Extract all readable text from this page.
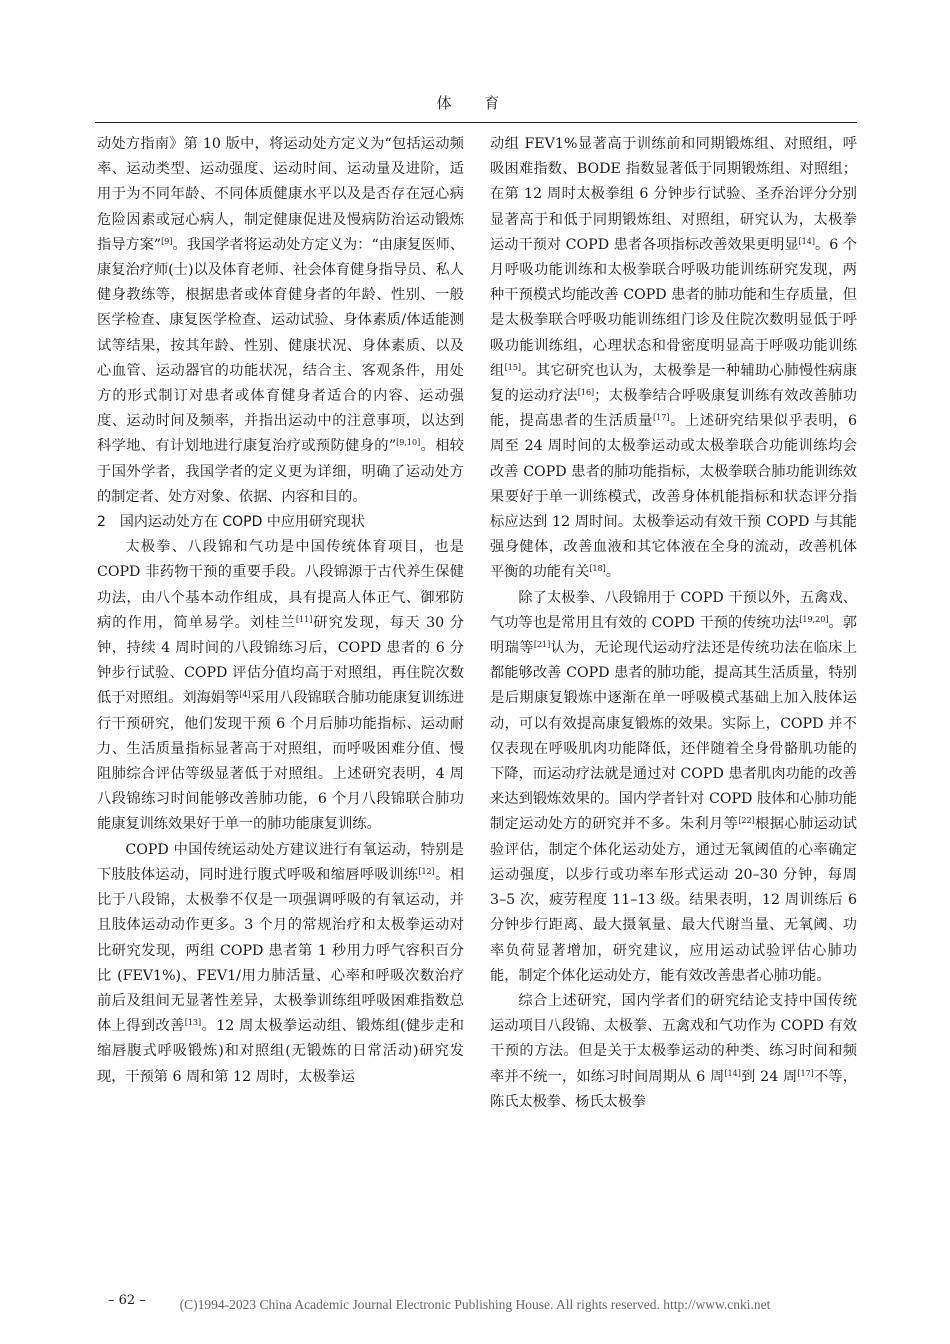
体 育

动处方指南》第 10 版中，将运动处方定义为“包括运动频率、运动类型、运动强度、运动时间、运动量及进阶，适用于为不同年龄、不同体质健康水平以及是否存在冠心病危险因素或冠心病人，制定健康促进及慢病防治运动锻炼指导方案”[9]。我国学者将运动处方定义为：“由康复医师、康复治疗师(士)以及体育老师、社会体育健身指导员、私人健身教练等，根据患者或体育健身者的年龄、性别、一般医学检查、康复医学检查、运动试验、身体素质/体适能测试等结果，按其年龄、性别、健康状况、身体素质、以及心血管、运动器官的功能状况，结合主、客观条件，用处方的形式制订对患者或体育健身者适合的内容、运动强度、运动时间及频率，并指出运动中的注意事项，以达到科学地、有计划地进行康复治疗或预防健身的”[9,10]。相较于国外学者，我国学者的定义更为详细，明确了运动处方的制定者、处方对象、依据、内容和目的。

2　国内运动处方在 COPD 中应用研究现状

太极拳、八段锦和气功是中国传统体育项目，也是 COPD 非药物干预的重要手段。八段锦源于古代养生保健功法，由八个基本动作组成，具有提高人体正气、御邪防病的作用，简单易学。刘桂兰[11]研究发现，每天 30 分钟，持续 4 周时间的八段锦练习后，COPD 患者的 6 分钟步行试验、COPD 评估分值均高于对照组，再住院次数低于对照组。刘海娟等[4]采用八段锦联合肺功能康复训练进行干预研究，他们发现干预 6 个月后肺功能指标、运动耐力、生活质量指标显著高于对照组，而呼吸困难分值、慢阻肺综合评估等级显著低于对照组。上述研究表明，4 周八段锦练习时间能够改善肺功能，6 个月八段锦联合肺功能康复训练效果好于单一的肺功能康复训练。

COPD 中国传统运动处方建议进行有氧运动，特别是下肢肢体运动，同时进行腹式呼吸和缩唇呼吸训练[12]。相比于八段锦，太极拳不仅是一项强调呼吸的有氧运动，并且肢体运动动作更多。3 个月的常规治疗和太极拳运动对比研究发现，两组 COPD 患者第 1 秒用力呼气容积百分比 (FEV1%)、FEV1/用力肺活量、心率和呼吸次数治疗前后及组间无显著性差异，太极拳训练组呼吸困难指数总体上得到改善[13]。12 周太极拳运动组、锻炼组(健步走和缩唇腹式呼吸锻炼)和对照组(无锻炼的日常活动)研究发现，干预第 6 周和第 12 周时，太极拳运

动组 FEV1%显著高于训练前和同期锻炼组、对照组，呼吸困难指数、BODE 指数显著低于同期锻炼组、对照组；在第 12 周时太极拳组 6 分钟步行试验、圣乔治评分分别显著高于和低于同期锻炼组、对照组，研究认为，太极拳运动干预对 COPD 患者各项指标改善效果更明显[14]。6 个月呼吸功能训练和太极拳联合呼吸功能训练研究发现，两种干预模式均能改善 COPD 患者的肺功能和生存质量，但是太极拳联合呼吸功能训练组门诊及住院次数明显低于呼吸功能训练组，心理状态和骨密度明显高于呼吸功能训练组[15]。其它研究也认为，太极拳是一种辅助心肺慢性病康复的运动疗法[16]；太极拳结合呼吸康复训练有效改善肺功能，提高患者的生活质量[17]。上述研究结果似乎表明，6 周至 24 周时间的太极拳运动或太极拳联合功能训练均会改善 COPD 患者的肺功能指标，太极拳联合肺功能训练效果要好于单一训练模式，改善身体机能指标和状态评分指标应达到 12 周时间。太极拳运动有效干预 COPD 与其能强身健体，改善血液和其它体液在全身的流动，改善机体平衡的功能有关[18]。

除了太极拳、八段锦用于 COPD 干预以外，五禽戏、气功等也是常用且有效的 COPD 干预的传统功法[19,20]。郭明瑞等[21]认为，无论现代运动疗法还是传统功法在临床上都能够改善 COPD 患者的肺功能，提高其生活质量，特别是后期康复锻炼中逐渐在单一呼吸模式基础上加入肢体运动，可以有效提高康复锻炼的效果。实际上，COPD 并不仅表现在呼吸肌肉功能降低，还伴随着全身骨骼肌功能的下降，而运动疗法就是通过对 COPD 患者肌肉功能的改善来达到锻炼效果的。国内学者针对 COPD 肢体和心肺功能制定运动处方的研究并不多。朱利月等[22]根据心肺运动试验评估，制定个体化运动处方，通过无氧阈值的心率确定运动强度，以步行或功率车形式运动 20–30 分钟，每周 3–5 次，疲劳程度 11–13 级。结果表明，12 周训练后 6 分钟步行距离、最大摄氧量、最大代谢当量、无氧阈、功率负荷显著增加，研究建议，应用运动试验评估心肺功能，制定个体化运动处方，能有效改善患者心肺功能。

综合上述研究，国内学者们的研究结论支持中国传统运动项目八段锦、太极拳、五禽戏和气功作为 COPD 有效干预的方法。但是关于太极拳运动的种类、练习时间和频率并不统一，如练习时间周期从 6 周[14]到 24 周[17]不等，陈氏太极拳、杨氏太极拳

– 62 –	(C)1994-2023 China Academic Journal Electronic Publishing House. All rights reserved. http://www.cnki.net
